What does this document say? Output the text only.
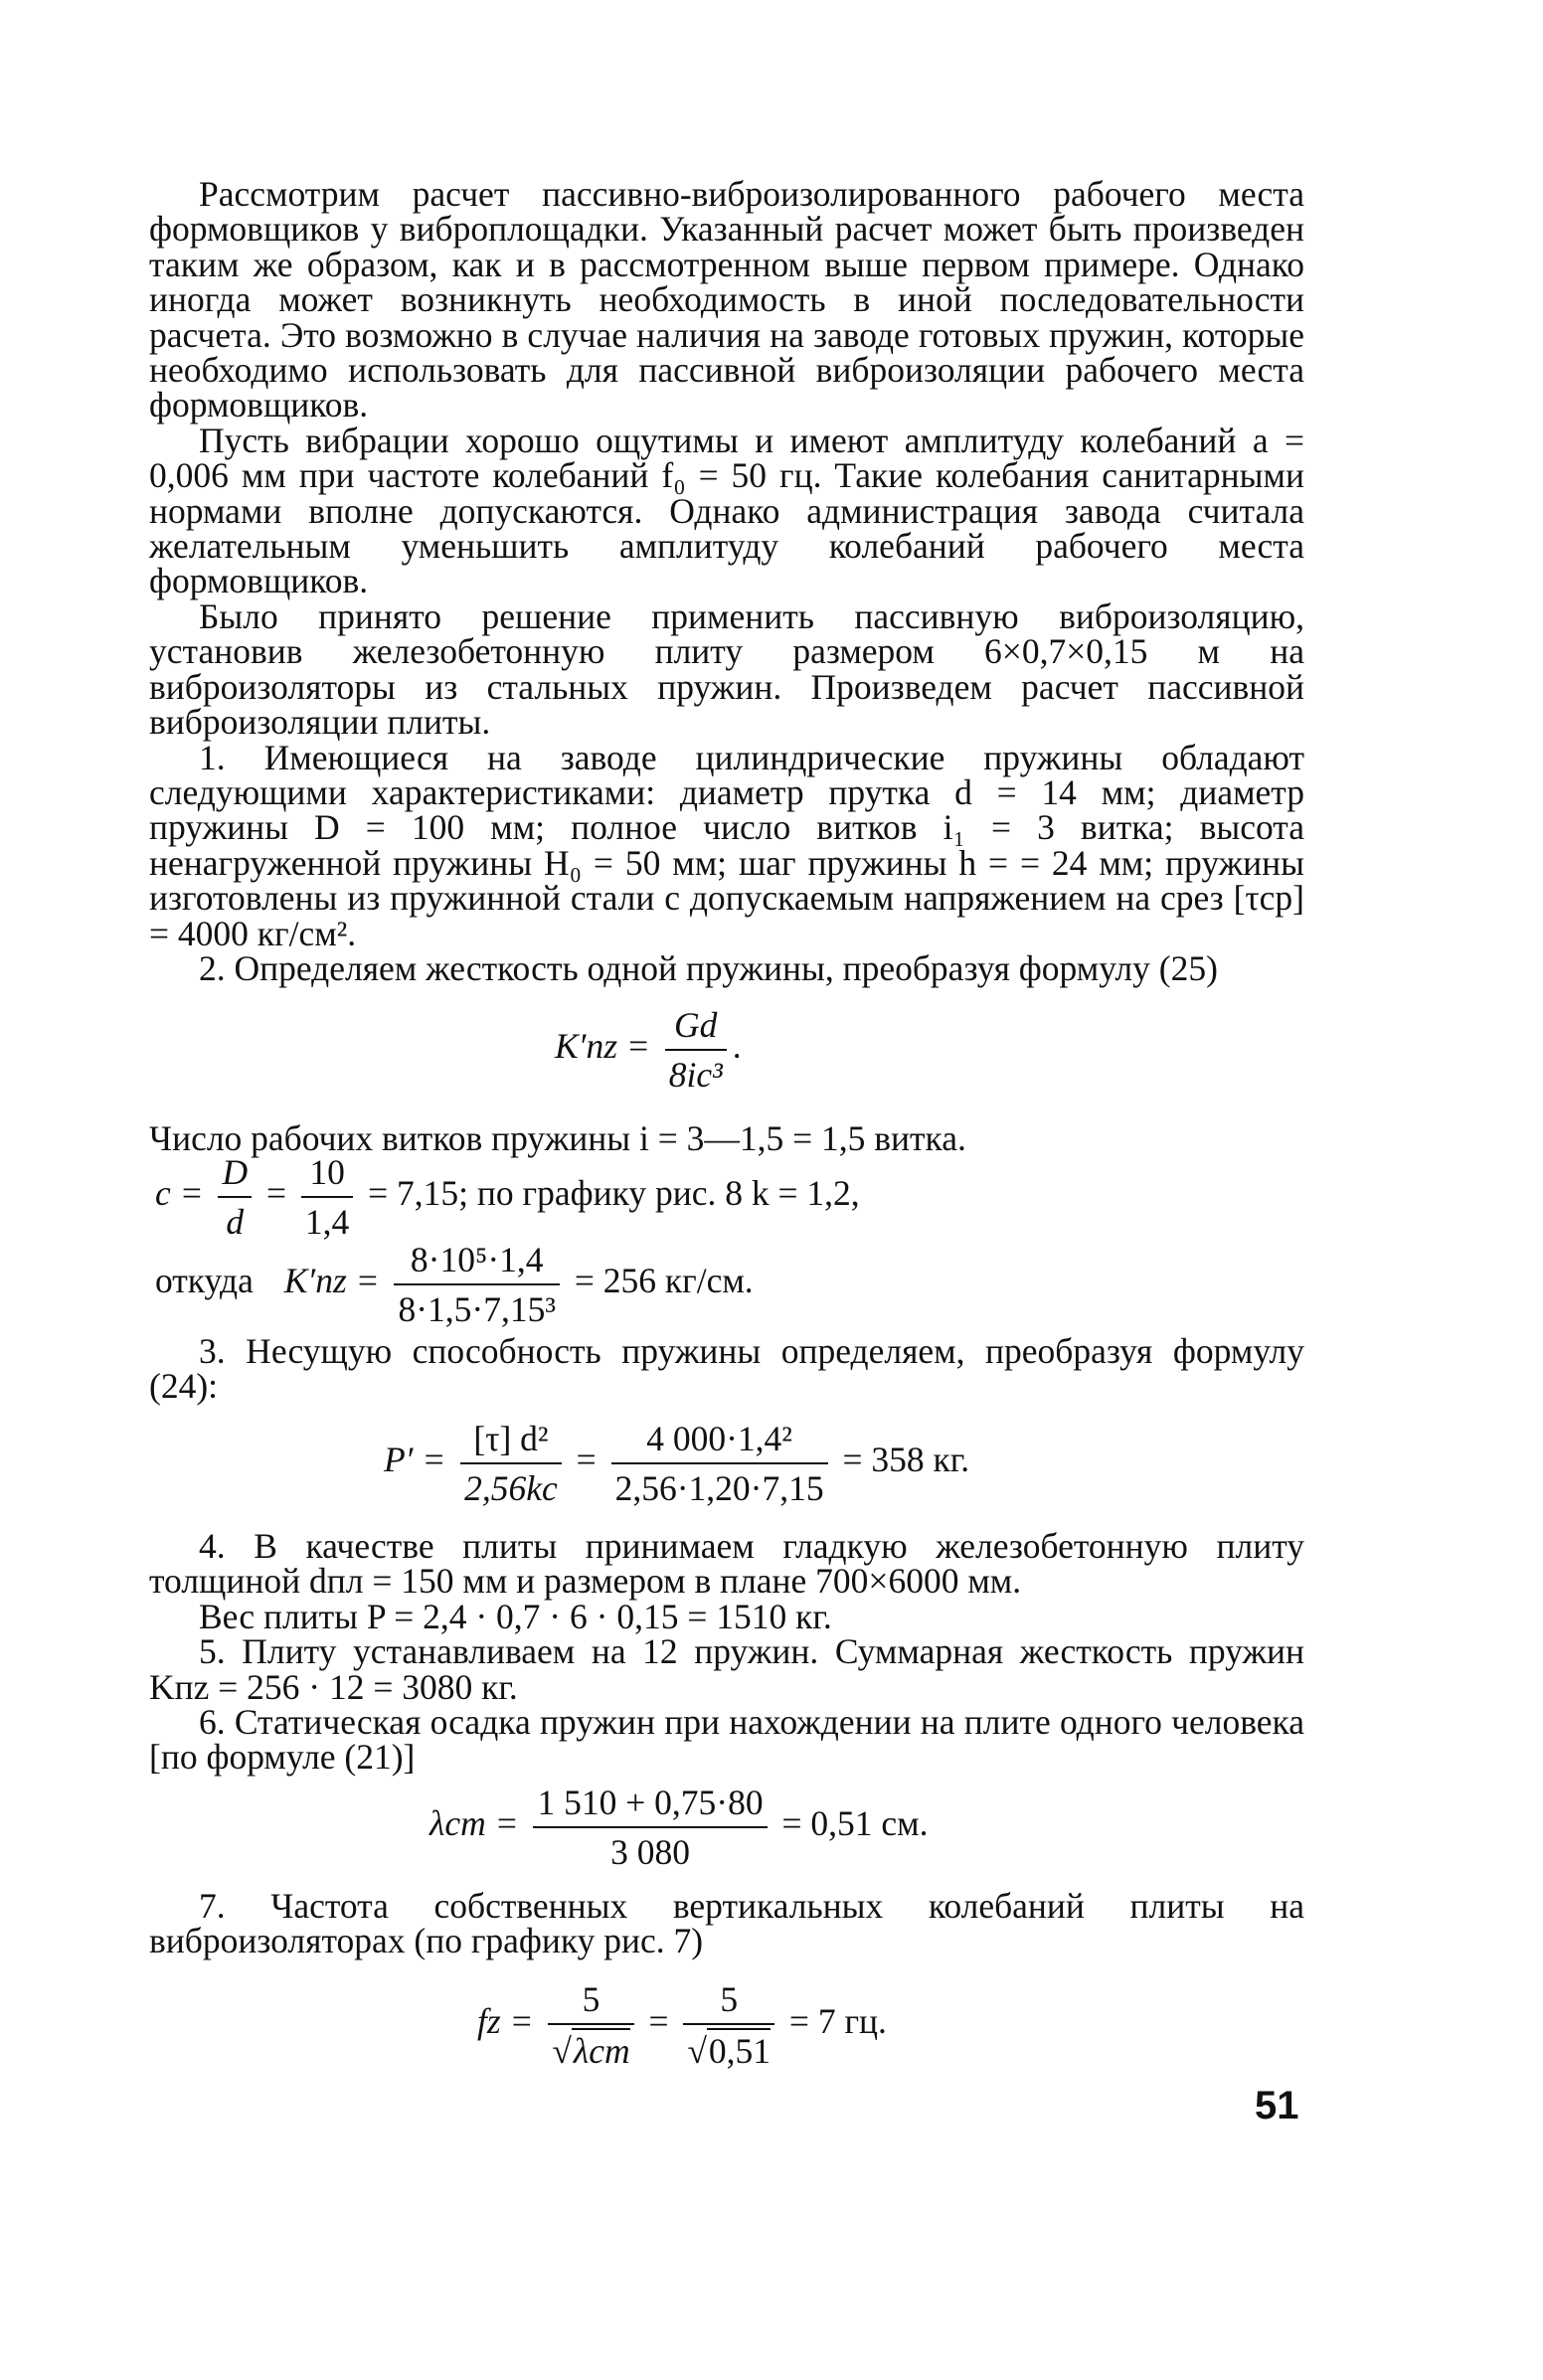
Рассмотрим расчет пассивно-виброизолированного рабочего места формовщиков у виброплощадки. Указанный расчет может быть произведен таким же образом, как и в рассмотренном выше первом примере. Однако иногда может возникнуть необходимость в иной последовательности расчета. Это возможно в случае наличия на заводе готовых пружин, которые необходимо использовать для пассивной виброизоляции рабочего места формовщиков.

Пусть вибрации хорошо ощутимы и имеют амплитуду колебаний a = 0,006 мм при частоте колебаний f₀ = 50 гц. Такие колебания санитарными нормами вполне допускаются. Однако администрация завода считала желательным уменьшить амплитуду колебаний рабочего места формовщиков.

Было принято решение применить пассивную виброизоляцию, установив железобетонную плиту размером 6×0,7×0,15 м на виброизоляторы из стальных пружин. Произведем расчет пассивной виброизоляции плиты.

1. Имеющиеся на заводе цилиндрические пружины обладают следующими характеристиками: диаметр прутка d = 14 мм; диаметр пружины D = 100 мм; полное число витков i₁ = 3 витка; высота ненагруженной пружины H₀ = 50 мм; шаг пружины h = = 24 мм; пружины изготовлены из пружинной стали с допускаемым напряжением на срез [τср] = 4000 кг/см².

2. Определяем жесткость одной пружины, преобразуя формулу (25)

$K'пz = \frac{Gd}{\text{8ic³}}$ .
Число рабочих витков пружины i = 3—1,5 = 1,5 витка.
$c = \frac{D}{d} = \frac{10}{1,4} = 7,15$; по графику рис. 8 k = 1,2,
откуда $K'пz = \frac{\text{8·10⁵·1,4}}{\text{8·1,5·7,15³}} = 256$ кг/см.

3. Несущую способность пружины определяем, преобразуя формулу (24):

$P' = \frac{\text{[τ] d²}}{2,56kc} = \frac{\text{4 000·1,4²}}{2,56\cdot 1,20\cdot 7,15} = 358$ кг.

4. В качестве плиты принимаем гладкую железобетонную плиту толщиной dпл = 150 мм и размером в плане 700×6000 мм.

Вес плиты P = 2,4 · 0,7 · 6 · 0,15 = 1510 кг.

5. Плиту устанавливаем на 12 пружин. Суммарная жесткость пружин Kпz = 256 · 12 = 3080 кг.

6. Статическая осадка пружин при нахождении на плите одного человека [по формуле (21)]

$\lambda ст = \frac{1 510 + 0,75\cdot 80}{3 080} = 0,51$ см.

7. Частота собственных вертикальных колебаний плиты на виброизоляторах (по графику рис. 7)

fz = $\frac{5}{\text{√λст}} = \frac{5}{√0,51} = 7$ гц.
51
